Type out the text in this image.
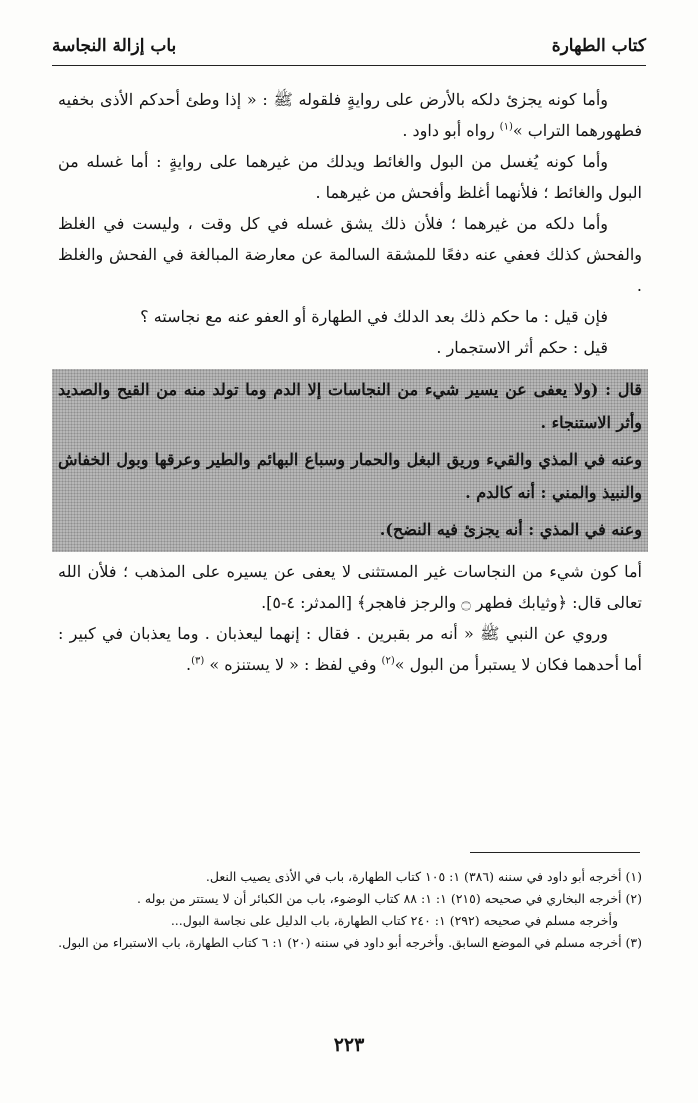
كتاب الطهارة
باب إزالة النجاسة

وأما كونه يجزئ دلكه بالأرض على روايةٍ فلقوله ﷺ : « إذا وطئ أحدكم الأذى بخفيه فطهورهما التراب »$^{(١)}$ رواه أبو داود .

وأما كونه يُغسل من البول والغائط ويدلك من غيرهما على روايةٍ : أما غسله من البول والغائط ؛ فلأنهما أغلظ وأفحش من غيرهما .

وأما دلكه من غيرهما ؛ فلأن ذلك يشق غسله في كل وقت ، وليست في الغلظ والفحش كذلك فعفي عنه دفعًا للمشقة السالمة عن معارضة المبالغة في الفحش والغلظ .

فإن قيل : ما حكم ذلك بعد الدلك في الطهارة أو العفو عنه مع نجاسته ؟

قيل : حكم أثر الاستجمار .

قال : (ولا يعفى عن يسير شيء من النجاسات إلا الدم وما تولد منه من القيح والصديد وأثر الاستنجاء .

وعنه في المذي والقيء وريق البغل والحمار وسباع البهائم والطير وعرقها وبول الخفاش والنبيذ والمني : أنه كالدم .

وعنه في المذي : أنه يجزئ فيه النضح).

أما كون شيء من النجاسات غير المستثنى لا يعفى عن يسيره على المذهب ؛ فلأن الله تعالى قال: ﴿وثيابك فطهر ۝ والرجز فاهجر﴾ [المدثر: ٤-٥].

وروي عن النبي ﷺ « أنه مر بقبرين . فقال : إنهما ليعذبان . وما يعذبان في كبير : أما أحدهما فكان لا يستبرأ من البول »$^{(٢)}$ وفي لفظ : « لا يستنزه » $^{(٣)}$.

(١) أخرجه أبو داود في سننه (٣٨٦) ١: ١٠٥ كتاب الطهارة، باب في الأذى يصيب النعل.

(٢) أخرجه البخاري في صحيحه (٢١٥) ١: ١: ٨٨ كتاب الوضوء، باب من الكبائر أن لا يستتر من بوله .

وأخرجه مسلم في صحيحه (٢٩٢) ١: ٢٤٠ كتاب الطهارة، باب الدليل على نجاسة البول...

(٣) أخرجه مسلم في الموضع السابق. وأخرجه أبو داود في سننه (٢٠) ١: ٦ كتاب الطهارة، باب الاستبراء من البول.

٢٢٣
